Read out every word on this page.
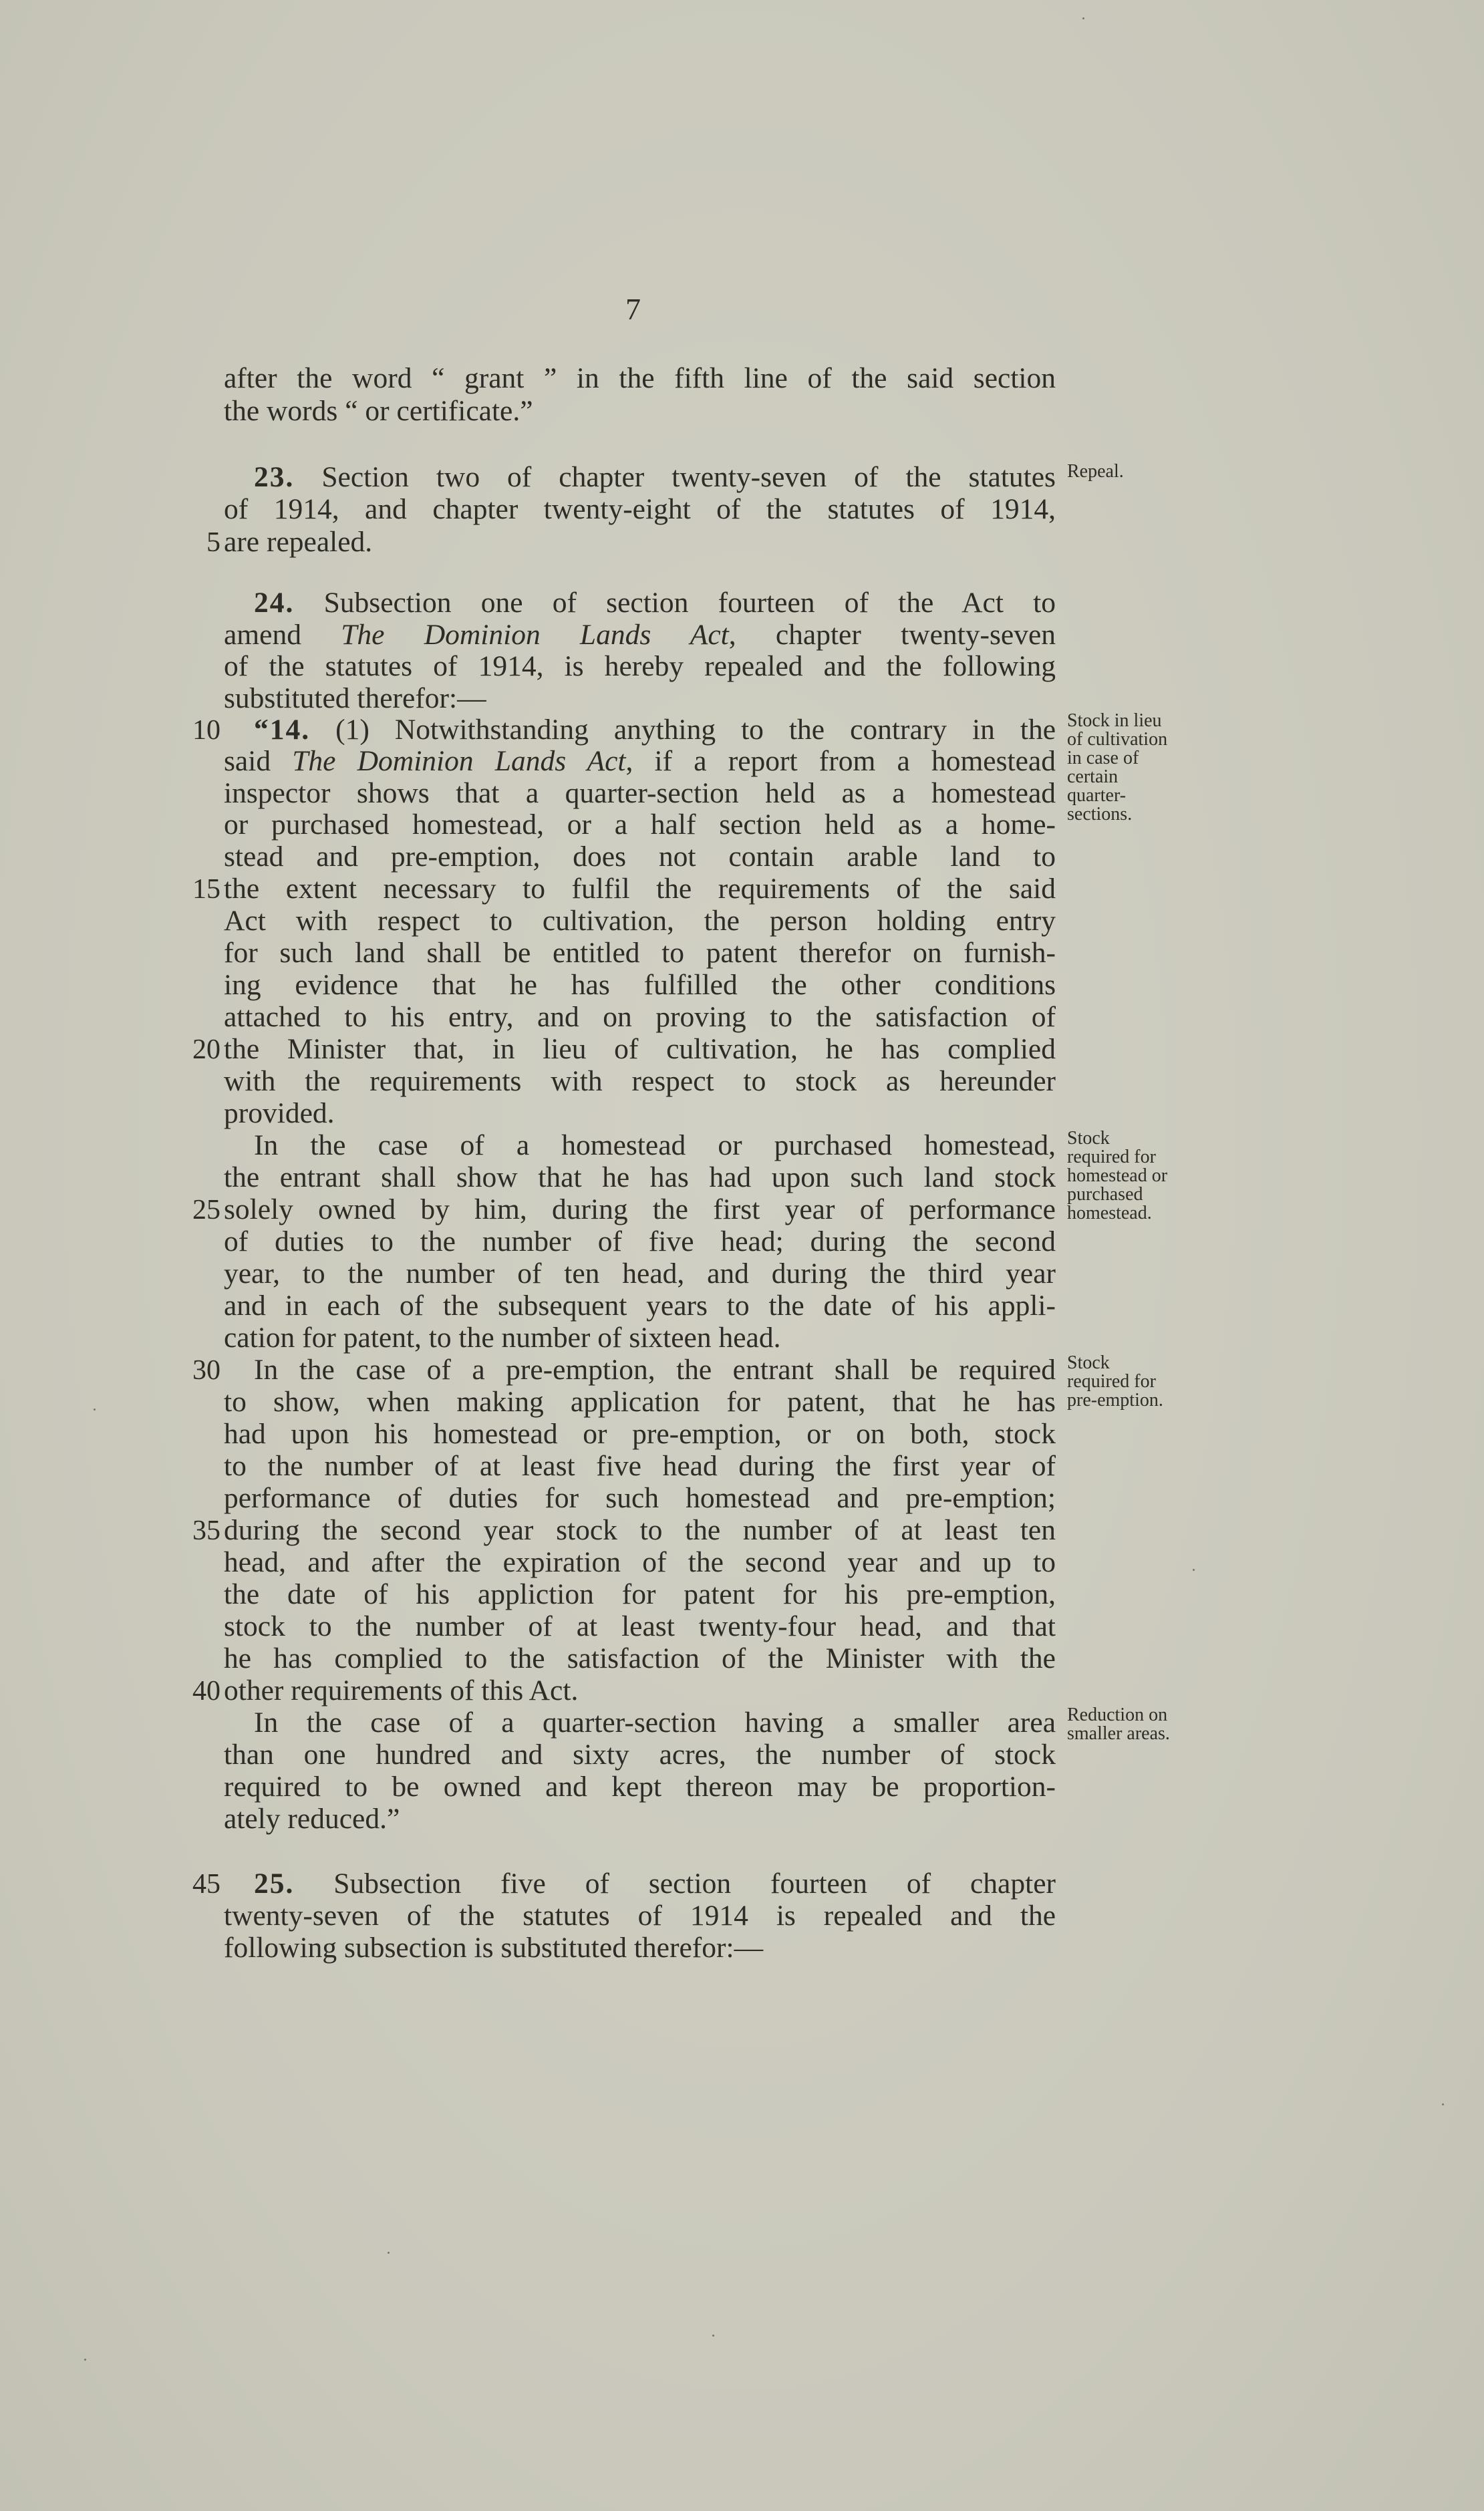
7
after the word “ grant ” in the fifth line of the said section
the words “ or certificate.”
23. Section two of chapter twenty-seven of the statutes
of 1914, and chapter twenty-eight of the statutes of 1914,
5 are repealed.
24. Subsection one of section fourteen of the Act to
amend The Dominion Lands Act, chapter twenty-seven
of the statutes of 1914, is hereby repealed and the following
substituted therefor:—
10 “14. (1) Notwithstanding anything to the contrary in the
said The Dominion Lands Act, if a report from a homestead
inspector shows that a quarter-section held as a homestead
or purchased homestead, or a half section held as a home-
stead and pre-emption, does not contain arable land to
15 the extent necessary to fulfil the requirements of the said
Act with respect to cultivation, the person holding entry
for such land shall be entitled to patent therefor on furnish-
ing evidence that he has fulfilled the other conditions
attached to his entry, and on proving to the satisfaction of
20 the Minister that, in lieu of cultivation, he has complied
with the requirements with respect to stock as hereunder
provided.
In the case of a homestead or purchased homestead,
the entrant shall show that he has had upon such land stock
25 solely owned by him, during the first year of performance
of duties to the number of five head; during the second
year, to the number of ten head, and during the third year
and in each of the subsequent years to the date of his appli-
cation for patent, to the number of sixteen head.
30 In the case of a pre-emption, the entrant shall be required
to show, when making application for patent, that he has
had upon his homestead or pre-emption, or on both, stock
to the number of at least five head during the first year of
performance of duties for such homestead and pre-emption;
35 during the second year stock to the number of at least ten
head, and after the expiration of the second year and up to
the date of his appliction for patent for his pre-emption,
stock to the number of at least twenty-four head, and that
he has complied to the satisfaction of the Minister with the
40 other requirements of this Act.
In the case of a quarter-section having a smaller area
than one hundred and sixty acres, the number of stock
required to be owned and kept thereon may be proportion-
ately reduced.”
45 25. Subsection five of section fourteen of chapter
twenty-seven of the statutes of 1914 is repealed and the
following subsection is substituted therefor:—
Repeal.
Stock in lieu
of cultivation
in case of
certain
quarter-
sections.
Stock
required for
homestead or
purchased
homestead.
Stock
required for
pre-emption.
Reduction on
smaller areas.
